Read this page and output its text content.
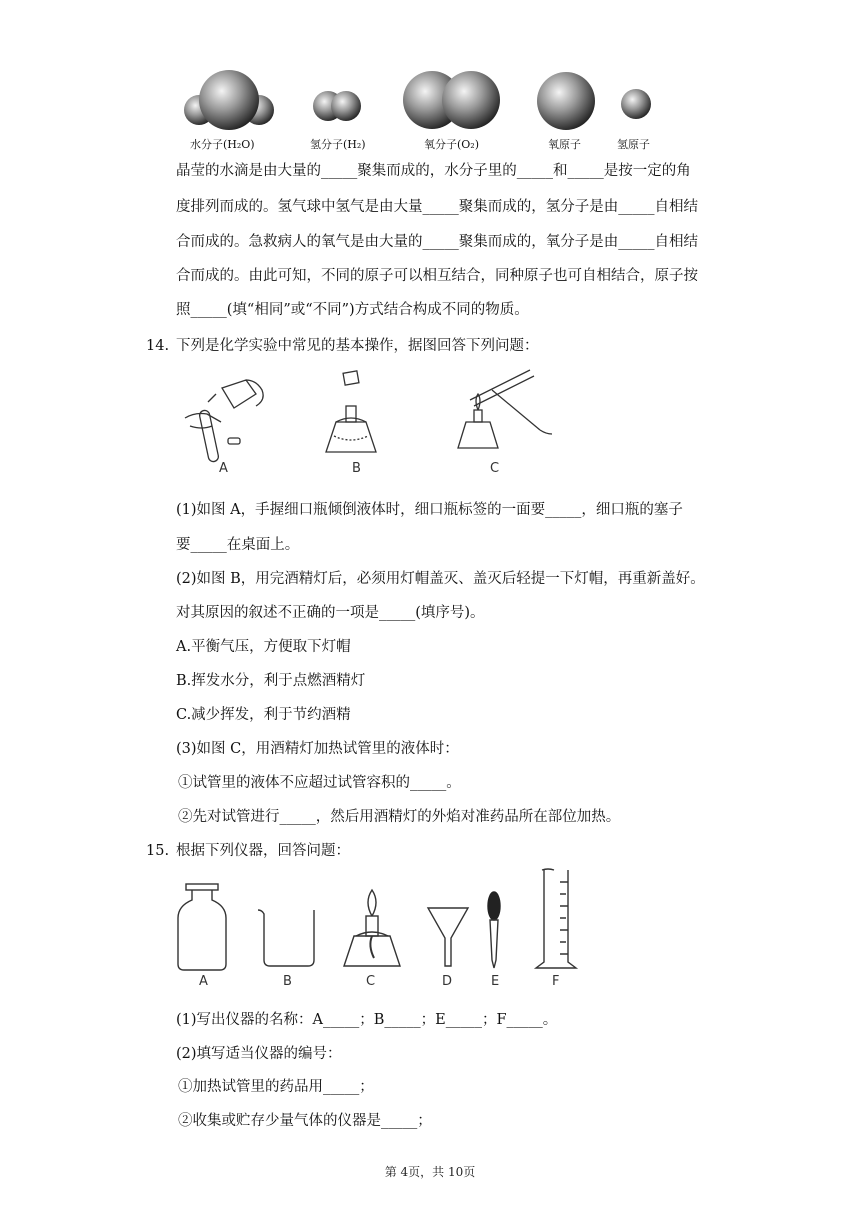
水分子(H₂O)	氢分子(H₂)	氧分子(O₂)	氧原子	氢原子
晶莹的水滴是由大量的_____聚集而成的，水分子里的_____和_____是按一定的角
度排列而成的。氢气球中氢气是由大量_____聚集而成的，氢分子是由_____自相结
合而成的。急救病人的氧气是由大量的_____聚集而成的，氧分子是由_____自相结
合而成的。由此可知，不同的原子可以相互结合，同种原子也可自相结合，原子按
照_____(填“相同”或“不同”)方式结合构成不同的物质。
14. 下列是化学实验中常见的基本操作，据图回答下列问题：
A	B	C
(1)如图 A，手握细口瓶倾倒液体时，细口瓶标签的一面要_____，细口瓶的塞子
要_____在桌面上。
(2)如图 B，用完酒精灯后，必须用灯帽盖灭、盖灭后轻提一下灯帽，再重新盖好。
对其原因的叙述不正确的一项是_____(填序号)。
A.平衡气压，方便取下灯帽
B.挥发水分，利于点燃酒精灯
C.减少挥发，利于节约酒精
(3)如图 C，用酒精灯加热试管里的液体时：
①试管里的液体不应超过试管容积的_____。
②先对试管进行_____，然后用酒精灯的外焰对准药品所在部位加热。
15. 根据下列仪器，回答问题：
A	B	C	D	E	F
(1)写出仪器的名称：A_____；B_____；E_____；F_____。
(2)填写适当仪器的编号：
①加热试管里的药品用_____；
②收集或贮存少量气体的仪器是_____；
第 4页，共 10页
